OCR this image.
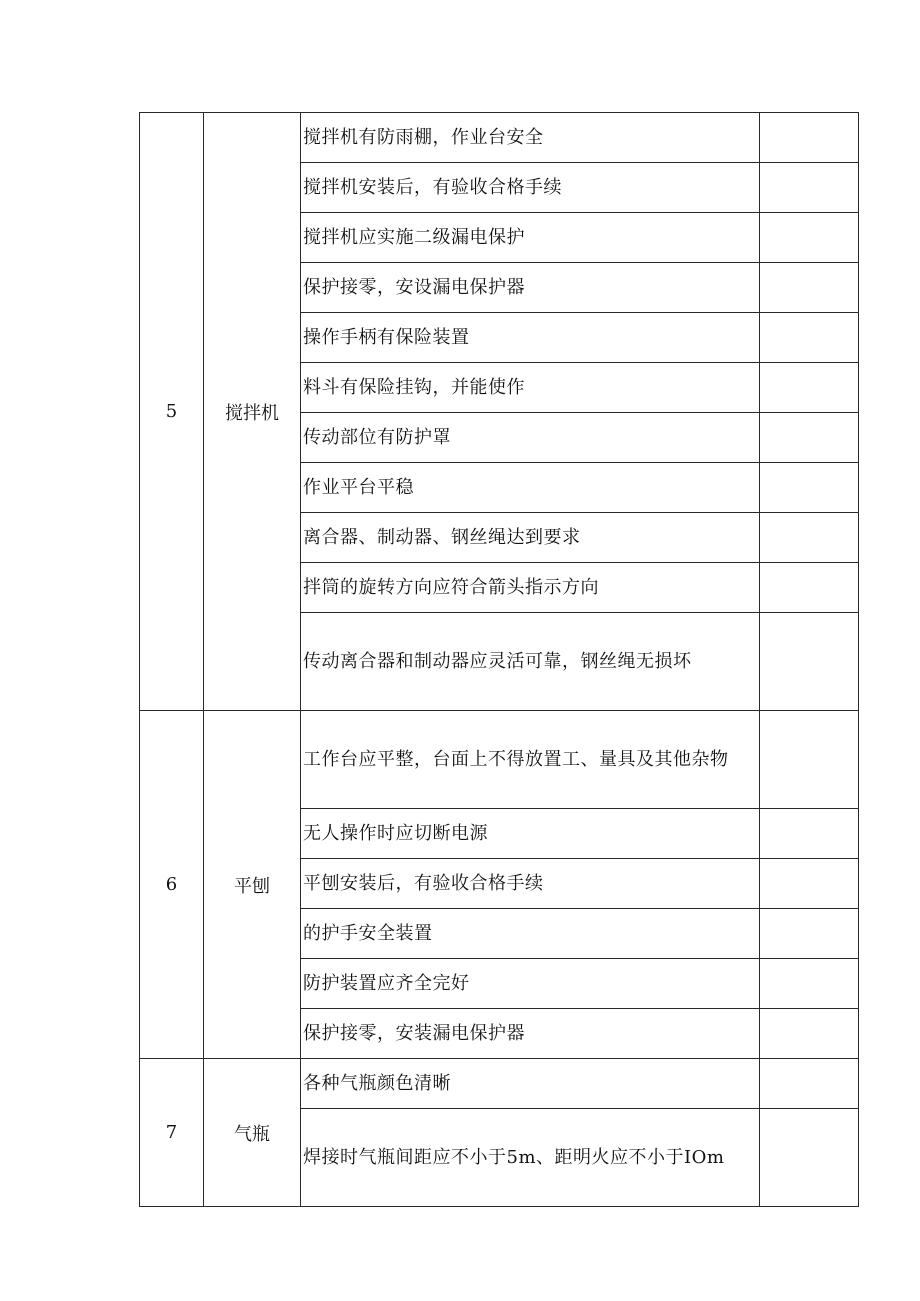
5	搅拌机	搅拌机有防雨棚，作业台安全	
		搅拌机安装后，有验收合格手续	
		搅拌机应实施二级漏电保护	
		保护接零，安设漏电保护器	
		操作手柄有保险装置	
		料斗有保险挂钩，并能使作	
		传动部位有防护罩	
		作业平台平稳	
		离合器、制动器、钢丝绳达到要求	
		拌筒的旋转方向应符合箭头指示方向	
		传动离合器和制动器应灵活可靠，钢丝绳无损坏	
6	平刨	工作台应平整，台面上不得放置工、量具及其他杂物	
		无人操作时应切断电源	
		平刨安装后，有验收合格手续	
		的护手安全装置	
		防护装置应齐全完好	
		保护接零，安装漏电保护器	
7	气瓶	各种气瓶颜色清晰	
		焊接时气瓶间距应不小于5m、距明火应不小于IOm	
